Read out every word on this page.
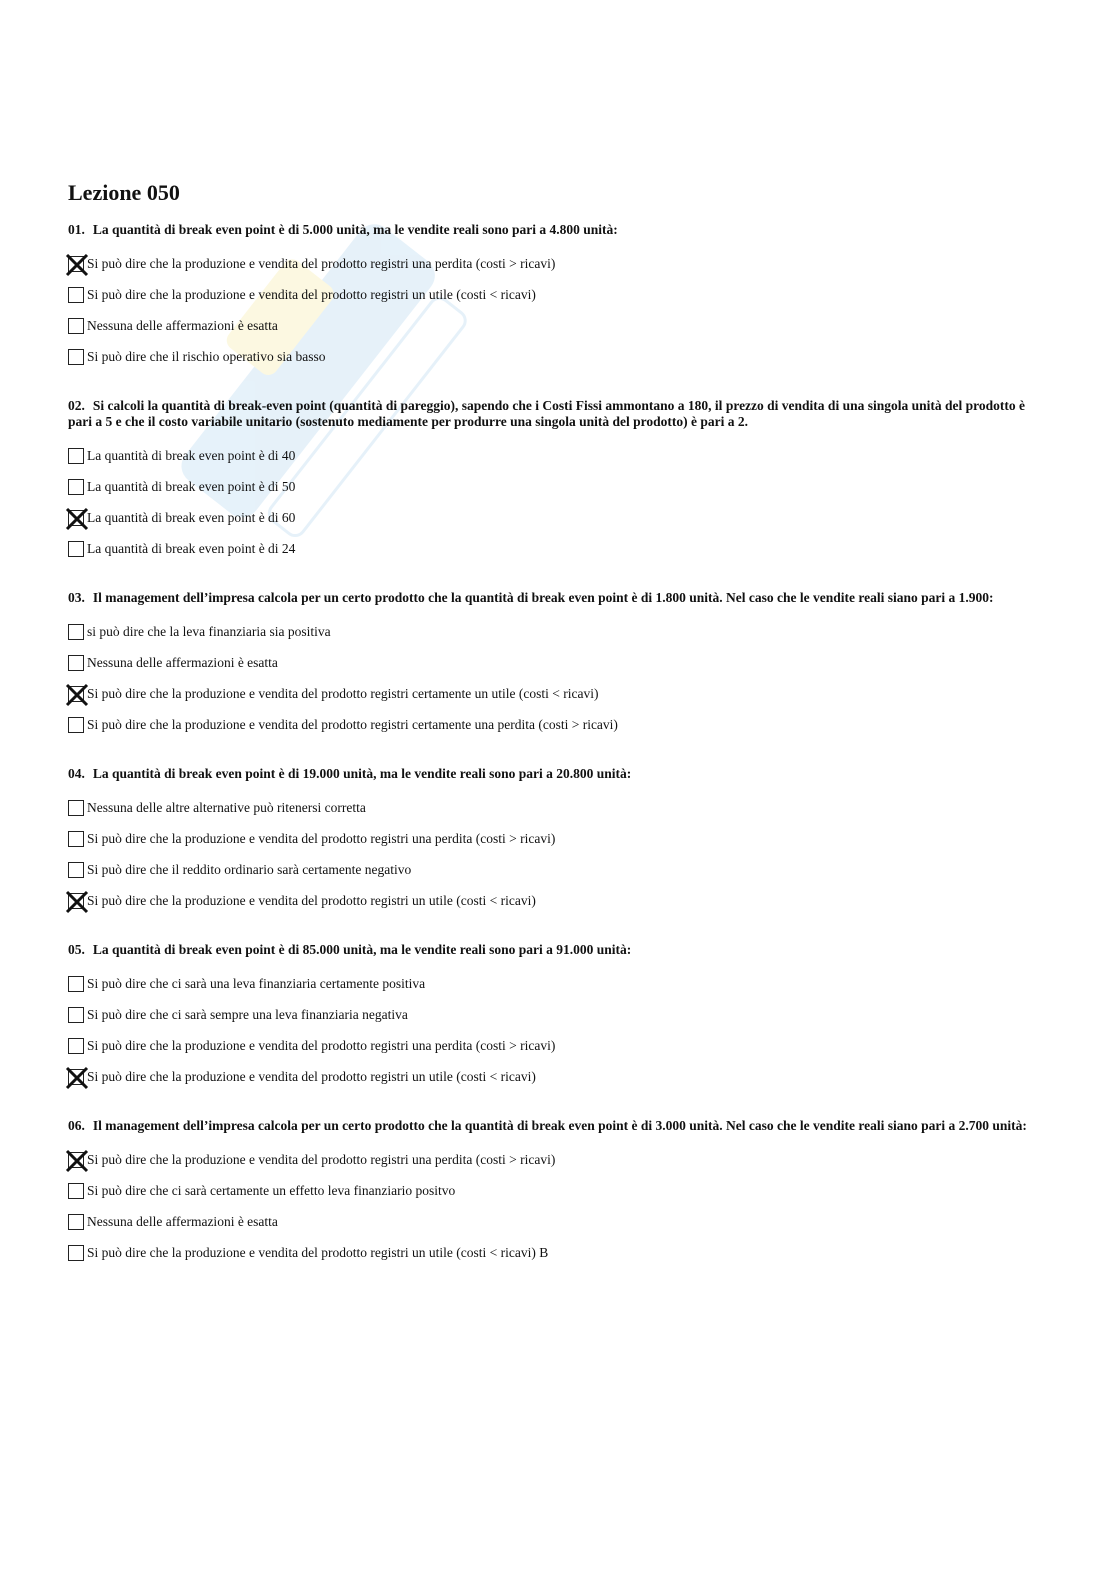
Lezione 050
01. La quantità di break even point è di 5.000 unità, ma le vendite reali sono pari a 4.800 unità:
Si può dire che la produzione e vendita del prodotto registri una perdita (costi > ricavi)
Si può dire che la produzione e vendita del prodotto registri un utile (costi < ricavi)
Nessuna delle affermazioni è esatta
Si può dire che il rischio operativo sia basso
02. Si calcoli la quantità di break-even point (quantità di pareggio), sapendo che i Costi Fissi ammontano a 180, il prezzo di vendita di una singola unità del prodotto è pari a 5 e che il costo variabile unitario (sostenuto mediamente per produrre una singola unità del prodotto) è pari a 2.
La quantità di break even point è di 40
La quantità di break even point è di 50
La quantità di break even point è di 60
La quantità di break even point è di 24
03. Il management dell’impresa calcola per un certo prodotto che la quantità di break even point è di 1.800 unità. Nel caso che le vendite reali siano pari a 1.900:
si può dire che la leva finanziaria sia positiva
Nessuna delle affermazioni è esatta
Si può dire che la produzione e vendita del prodotto registri certamente un utile (costi < ricavi)
Si può dire che la produzione e vendita del prodotto registri certamente una perdita (costi > ricavi)
04. La quantità di break even point è di 19.000 unità, ma le vendite reali sono pari a 20.800 unità:
Nessuna delle altre alternative può ritenersi corretta
Si può dire che la produzione e vendita del prodotto registri una perdita (costi > ricavi)
Si può dire che il reddito ordinario sarà certamente negativo
Si può dire che la produzione e vendita del prodotto registri un utile (costi < ricavi)
05. La quantità di break even point è di 85.000 unità, ma le vendite reali sono pari a 91.000 unità:
Si può dire che ci sarà una leva finanziaria certamente positiva
Si può dire che ci sarà sempre una leva finanziaria negativa
Si può dire che la produzione e vendita del prodotto registri una perdita (costi > ricavi)
Si può dire che la produzione e vendita del prodotto registri un utile (costi < ricavi)
06. Il management dell’impresa calcola per un certo prodotto che la quantità di break even point è di 3.000 unità. Nel caso che le vendite reali siano pari a 2.700 unità:
Si può dire che la produzione e vendita del prodotto registri una perdita (costi > ricavi)
Si può dire che ci sarà certamente un effetto leva finanziario positvo
Nessuna delle affermazioni è esatta
Si può dire che la produzione e vendita del prodotto registri un utile (costi < ricavi) B
